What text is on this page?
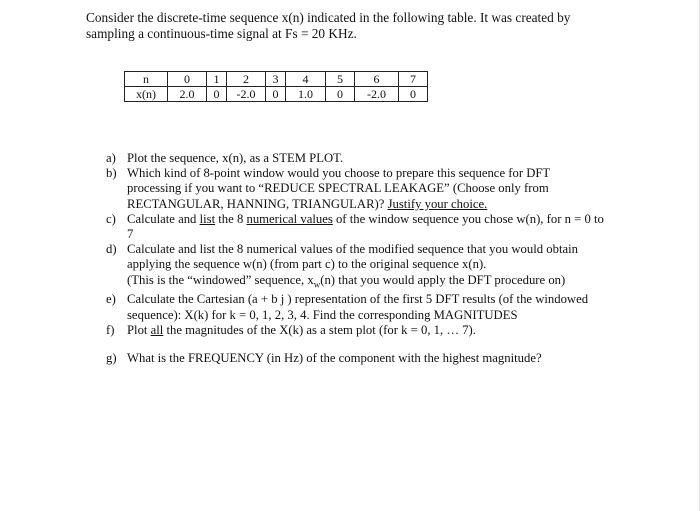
Consider the discrete-time sequence x(n) indicated in the following table. It was created by
sampling a continuous-time signal at Fs = 20 KHz.
n	0	1	2	3	4	5	6	7
x(n)	2.0	0	-2.0	0	1.0	0	-2.0	0
a) Plot the sequence, x(n), as a STEM PLOT.
b) Which kind of 8-point window would you choose to prepare this sequence for DFT processing if you want to “REDUCE SPECTRAL LEAKAGE” (Choose only from RECTANGULAR, HANNING, TRIANGULAR)? Justify your choice.
c) Calculate and list the 8 numerical values of the window sequence you chose w(n), for n = 0 to 7
d) Calculate and list the 8 numerical values of the modified sequence that you would obtain applying the sequence w(n) (from part c) to the original sequence x(n).
(This is the “windowed” sequence, $x_w(n)$ that you would apply the DFT procedure on)
e) Calculate the Cartesian (a + b j ) representation of the first 5 DFT results (of the windowed sequence): X(k) for k = 0, 1, 2, 3, 4. Find the corresponding MAGNITUDES
f) Plot all the magnitudes of the X(k) as a stem plot (for k = 0, 1, … 7).
g) What is the FREQUENCY (in Hz) of the component with the highest magnitude?
